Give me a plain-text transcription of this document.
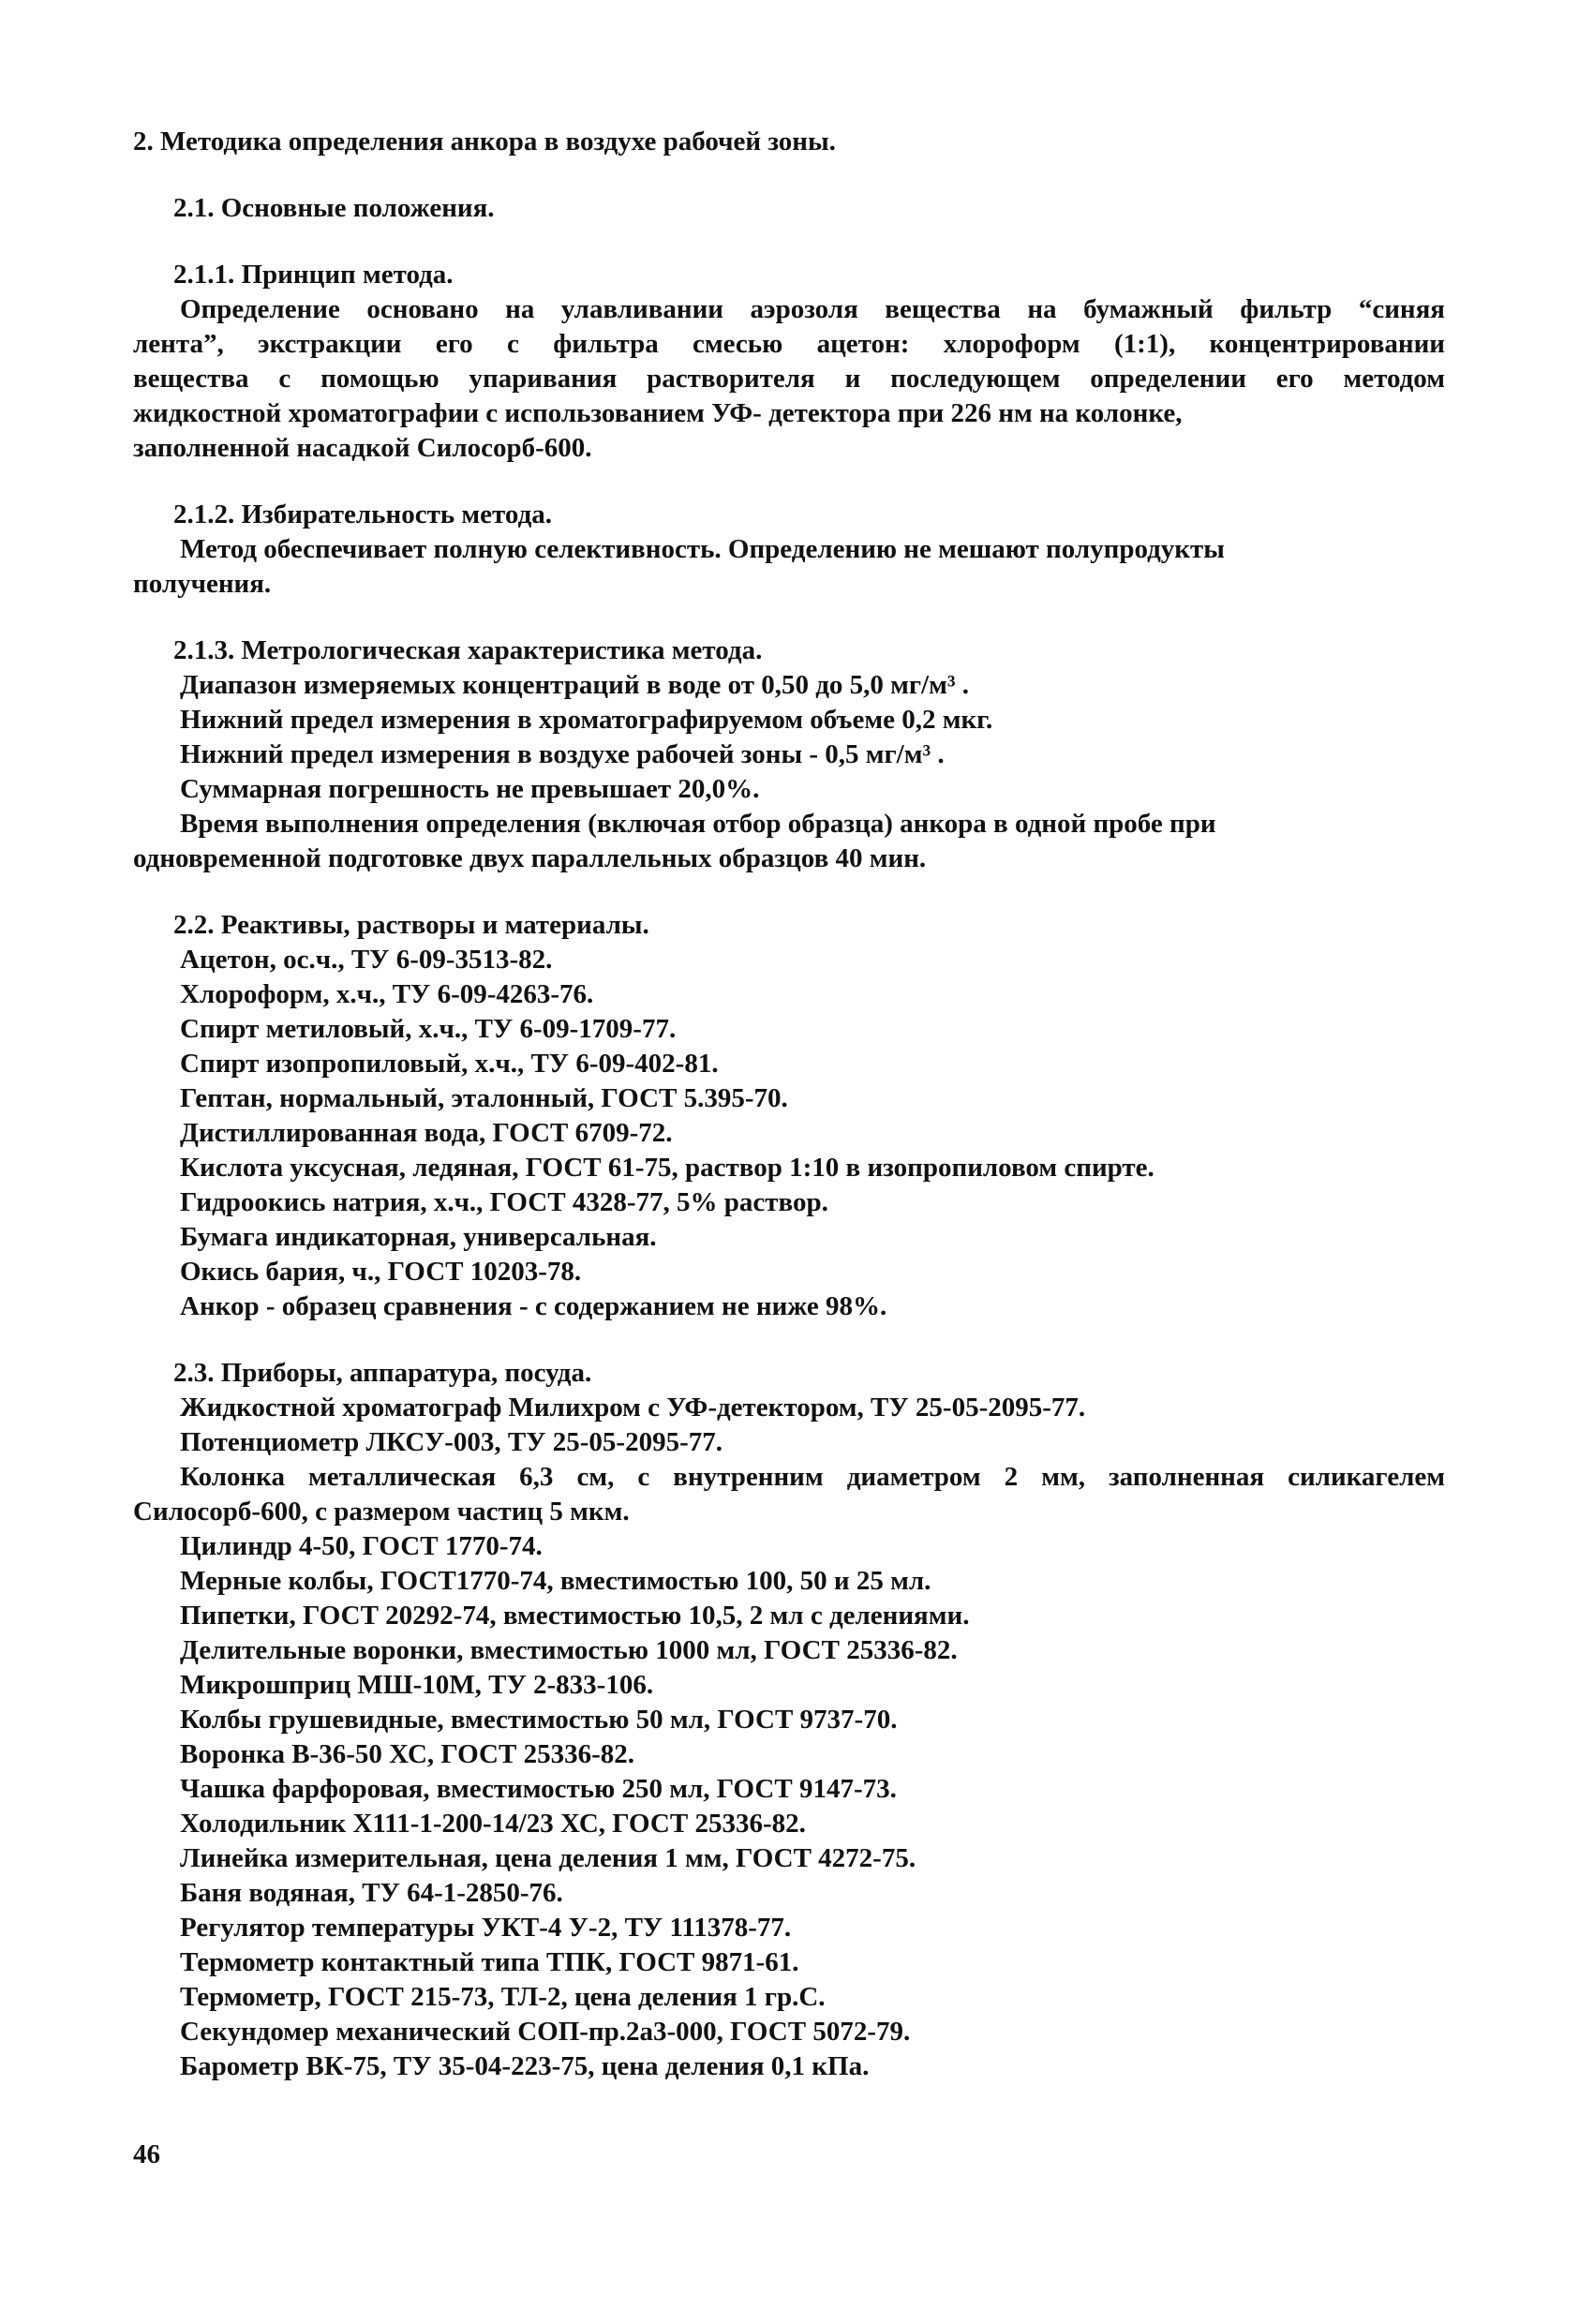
2. Методика определения анкора в воздухе рабочей зоны.
2.1. Основные положения.
2.1.1. Принцип метода.
Определение основано на улавливании аэрозоля вещества на бумажный фильтр “синяя
лента”, экстракции его с фильтра смесью ацетон: хлороформ (1:1), концентрировании
вещества с помощью упаривания растворителя и последующем определении его методом
жидкостной хроматографии с использованием УФ- детектора при 226 нм на колонке,
заполненной насадкой Силосорб-600.
2.1.2. Избирательность метода.
Метод обеспечивает полную селективность. Определению не мешают полупродукты
получения.
2.1.3. Метрологическая характеристика метода.
Диапазон измеряемых концентраций в воде от 0,50 до 5,0 мг/м³ .
Нижний предел измерения в хроматографируемом объеме 0,2 мкг.
Нижний предел измерения в воздухе рабочей зоны - 0,5 мг/м³ .
Суммарная погрешность не превышает 20,0%.
Время выполнения определения (включая отбор образца) анкора в одной пробе при
одновременной подготовке двух параллельных образцов 40 мин.
2.2. Реактивы, растворы и материалы.
Ацетон, ос.ч., ТУ 6-09-3513-82.
Хлороформ, х.ч., ТУ 6-09-4263-76.
Спирт метиловый, х.ч., ТУ 6-09-1709-77.
Спирт изопропиловый, х.ч., ТУ 6-09-402-81.
Гептан, нормальный, эталонный, ГОСТ 5.395-70.
Дистиллированная вода, ГОСТ 6709-72.
Кислота уксусная, ледяная, ГОСТ 61-75, раствор 1:10 в изопропиловом спирте.
Гидроокись натрия, х.ч., ГОСТ 4328-77, 5% раствор.
Бумага индикаторная, универсальная.
Окись бария, ч., ГОСТ 10203-78.
Анкор - образец сравнения - с содержанием не ниже 98%.
2.3. Приборы, аппаратура, посуда.
Жидкостной хроматограф Милихром с УФ-детектором, ТУ 25-05-2095-77.
Потенциометр ЛКСУ-003, ТУ 25-05-2095-77.
Колонка металлическая 6,3 см, с внутренним диаметром 2 мм, заполненная силикагелем
Силосорб-600, с размером частиц 5 мкм.
Цилиндр 4-50, ГОСТ 1770-74.
Мерные колбы, ГОСТ1770-74, вместимостью 100, 50 и 25 мл.
Пипетки, ГОСТ 20292-74, вместимостью 10,5, 2 мл с делениями.
Делительные воронки, вместимостью 1000 мл, ГОСТ 25336-82.
Микрошприц МШ-10М, ТУ 2-833-106.
Колбы грушевидные, вместимостью 50 мл, ГОСТ 9737-70.
Воронка В-36-50 ХС, ГОСТ 25336-82.
Чашка фарфоровая, вместимостью 250 мл, ГОСТ 9147-73.
Холодильник Х111-1-200-14/23 ХС, ГОСТ 25336-82.
Линейка измерительная, цена деления 1 мм, ГОСТ 4272-75.
Баня водяная, ТУ 64-1-2850-76.
Регулятор температуры УКТ-4 У-2, ТУ 111378-77.
Термометр контактный типа ТПК, ГОСТ 9871-61.
Термометр, ГОСТ 215-73, ТЛ-2, цена деления 1 гр.С.
Секундомер механический СОП-пр.2а3-000, ГОСТ 5072-79.
Барометр ВК-75, ТУ 35-04-223-75, цена деления 0,1 кПа.
46
